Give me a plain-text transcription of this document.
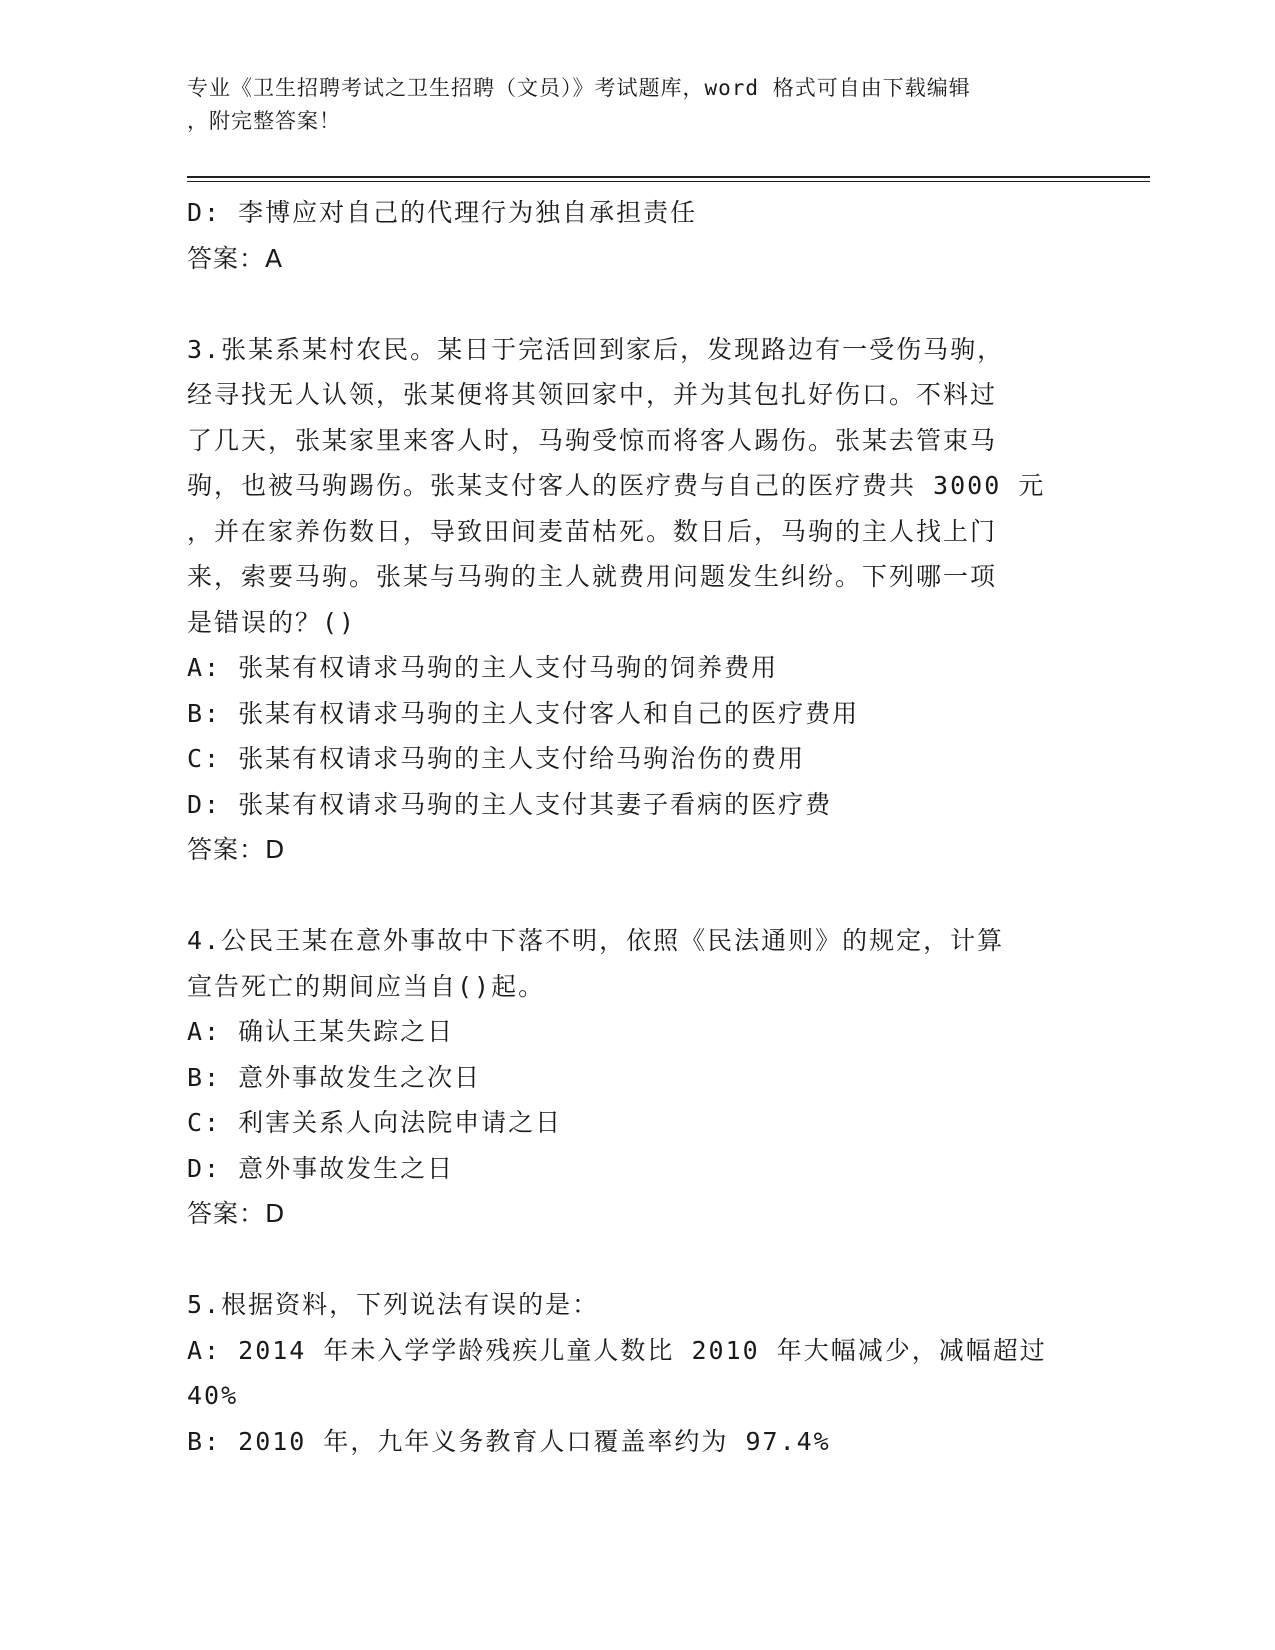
专业《卫生招聘考试之卫生招聘（文员）》考试题库，word 格式可自由下载编辑
，附完整答案！
D: 李博应对自己的代理行为独自承担责任
答案：A
3.张某系某村农民。某日于完活回到家后，发现路边有一受伤马驹，
经寻找无人认领，张某便将其领回家中，并为其包扎好伤口。不料过
了几天，张某家里来客人时，马驹受惊而将客人踢伤。张某去管束马
驹，也被马驹踢伤。张某支付客人的医疗费与自己的医疗费共 3000 元
，并在家养伤数日，导致田间麦苗枯死。数日后，马驹的主人找上门
来，索要马驹。张某与马驹的主人就费用问题发生纠纷。下列哪一项
是错误的？()
A: 张某有权请求马驹的主人支付马驹的饲养费用
B: 张某有权请求马驹的主人支付客人和自己的医疗费用
C: 张某有权请求马驹的主人支付给马驹治伤的费用
D: 张某有权请求马驹的主人支付其妻子看病的医疗费
答案：D
4.公民王某在意外事故中下落不明，依照《民法通则》的规定，计算
宣告死亡的期间应当自()起。
A: 确认王某失踪之日
B: 意外事故发生之次日
C: 利害关系人向法院申请之日
D: 意外事故发生之日
答案：D
5.根据资料，下列说法有误的是：
A: 2014 年未入学学龄残疾儿童人数比 2010 年大幅减少，减幅超过
40%
B: 2010 年，九年义务教育人口覆盖率约为 97.4%
